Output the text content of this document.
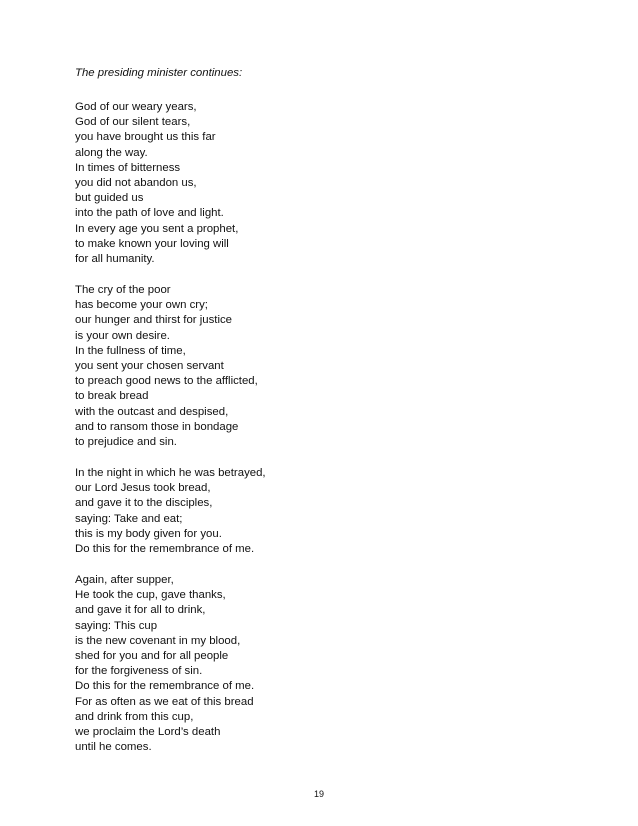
The presiding minister continues:
God of our weary years,
God of our silent tears,
you have brought us this far
along the way.
In times of bitterness
you did not abandon us,
but guided us
into the path of love and light.
In every age you sent a prophet,
to make known your loving will
for all humanity.
The cry of the poor
has become your own cry;
our hunger and thirst for justice
is your own desire.
In the fullness of time,
you sent your chosen servant
to preach good news to the afflicted,
to break bread
with the outcast and despised,
and to ransom those in bondage
to prejudice and sin.
In the night in which he was betrayed,
our Lord Jesus took bread,
and gave it to the disciples,
saying: Take and eat;
this is my body given for you.
Do this for the remembrance of me.
Again, after supper,
He took the cup, gave thanks,
and gave it for all to drink,
saying: This cup
is the new covenant in my blood,
shed for you and for all people
for the forgiveness of sin.
Do this for the remembrance of me.
For as often as we eat of this bread
and drink from this cup,
we proclaim the Lord’s death
until he comes.
19
